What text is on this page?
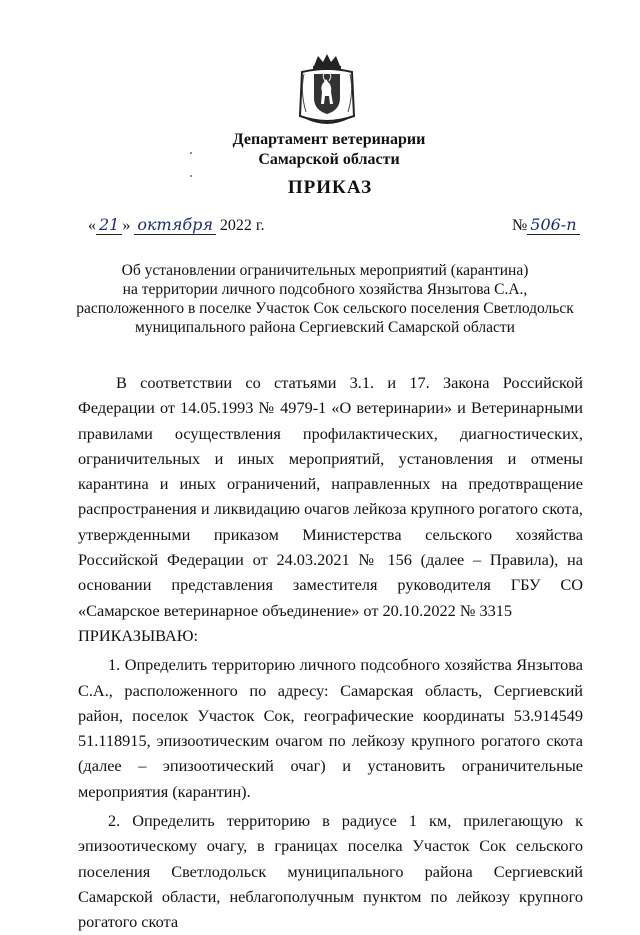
Департамент ветеринарии
Самарской области
ПРИКАЗ
« 21 » октября 2022 г.	№ 506-п
Об установлении ограничительных мероприятий (карантина)
на территории личного подсобного хозяйства Янзытова С.А.,
расположенного в поселке Участок Сок сельского поселения Светлодольск
муниципального района Сергиевский Самарской области

В соответствии со статьями 3.1. и 17. Закона Российской Федерации от 14.05.1993 № 4979-1 «О ветеринарии» и Ветеринарными правилами осуществления профилактических, диагностических, ограничительных и иных мероприятий, установления и отмены карантина и иных ограничений, направленных на предотвращение распространения и ликвидацию очагов лейкоза крупного рогатого скота, утвержденными приказом Министерства сельского хозяйства Российской Федерации от 24.03.2021 № 156 (далее – Правила), на основании представления заместителя руководителя ГБУ СО «Самарское ветеринарное объединение» от 20.10.2022 № 3315

ПРИКАЗЫВАЮ:

1. Определить территорию личного подсобного хозяйства Янзытова С.А., расположенного по адресу: Самарская область, Сергиевский район, поселок Участок Сок, географические координаты 53.914549 51.118915, эпизоотическим очагом по лейкозу крупного рогатого скота (далее – эпизоотический очаг) и установить ограничительные мероприятия (карантин).

2. Определить территорию в радиусе 1 км, прилегающую к эпизоотическому очагу, в границах поселка Участок Сок сельского поселения Светлодольск муниципального района Сергиевский Самарской области, неблагополучным пунктом по лейкозу крупного рогатого скота
